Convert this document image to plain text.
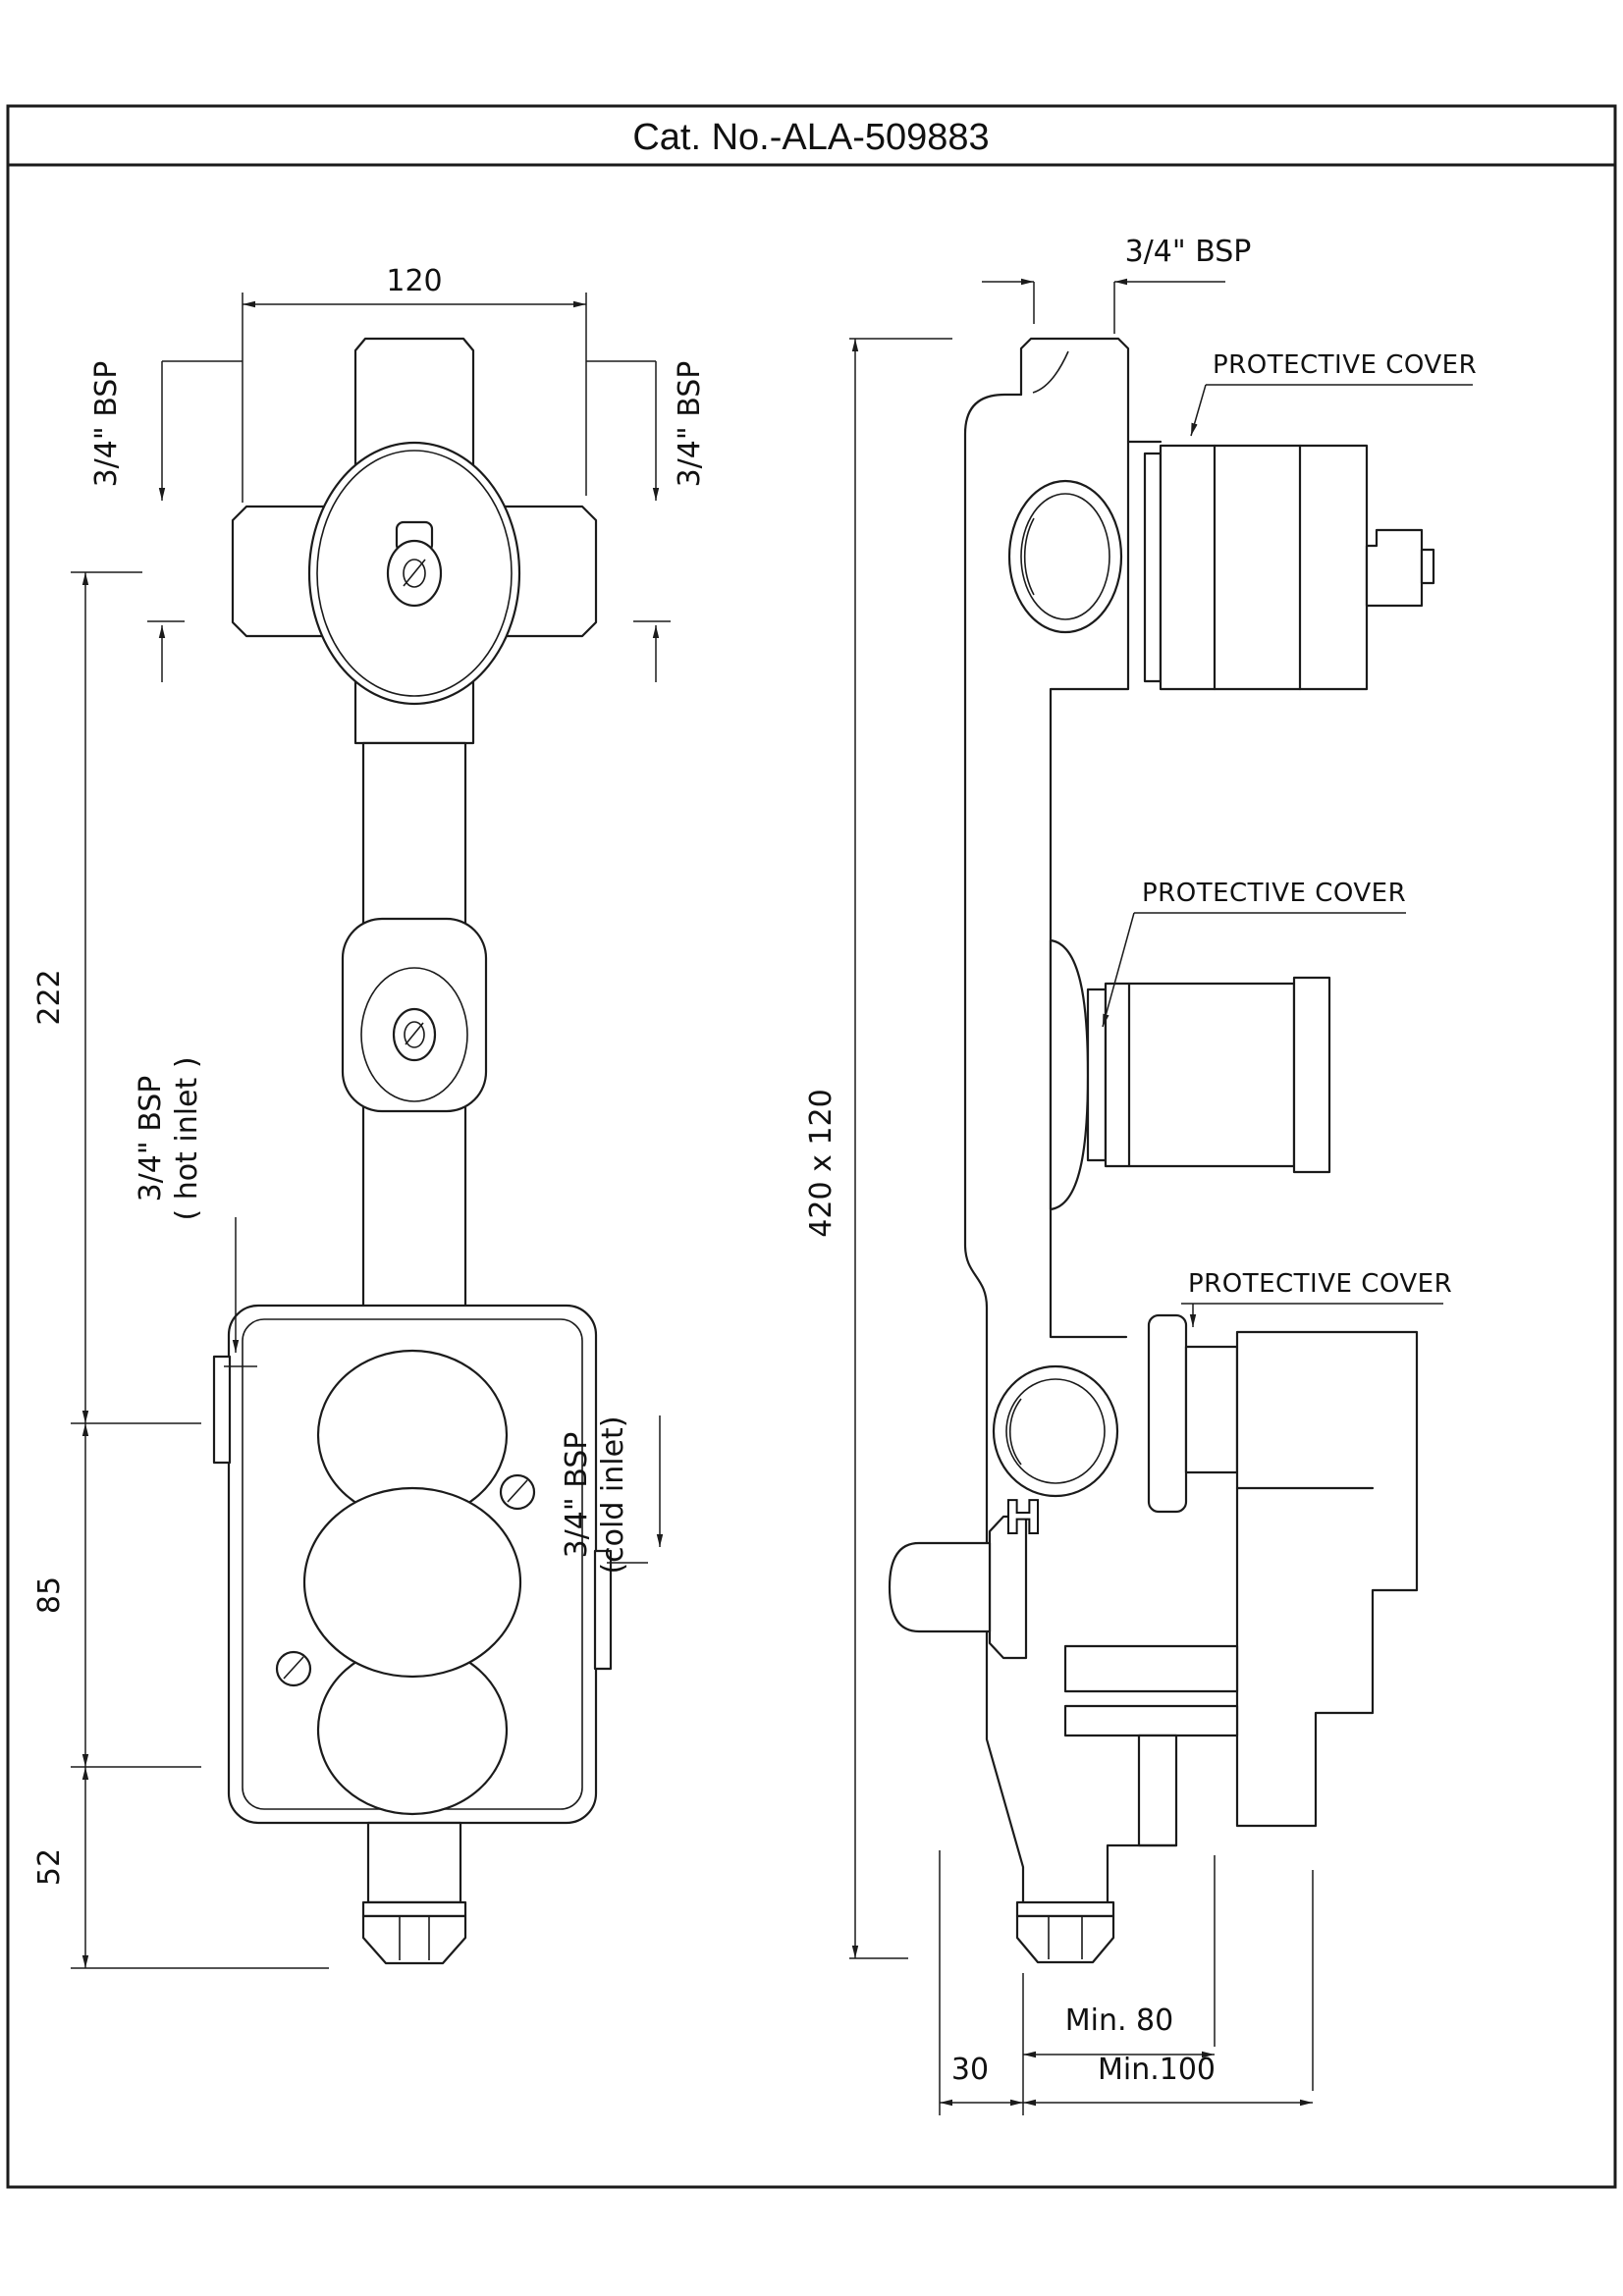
Cat. No.-ALA-509883
120
3/4" BSP	3/4" BSP
222
85
52
3/4" BSP ( hot inlet )
3/4" BSP (cold inlet)	H
3/4" BSP
420 x 120
PROTECTIVE COVER
PROTECTIVE COVER
PROTECTIVE COVER
Min. 80
30	Min.100
